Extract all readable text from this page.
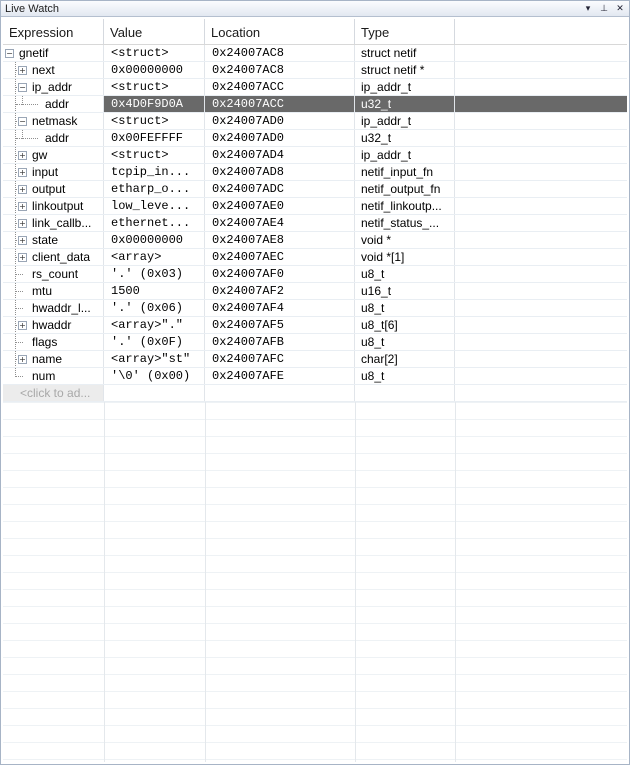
Live Watch	▾	⊥ ✕
Expression	Value	Location	Type
− gnetif	<struct>	0x24007AC8	struct netif
+ next	0x00000000	0x24007AC8	struct netif *
− ip_addr	<struct>	0x24007ACC	ip_addr_t
addr	0x4D0F9D0A	0x24007ACC	u32_t
− netmask	<struct>	0x24007AD0	ip_addr_t
addr	0x00FEFFFF	0x24007AD0	u32_t
+ gw	<struct>	0x24007AD4	ip_addr_t
+ input	tcpip_in...	0x24007AD8	netif_input_fn
+ output	etharp_o...	0x24007ADC	netif_output_fn
+ linkoutput	low_leve...	0x24007AE0	netif_linkoutp...
+ link_callb...	ethernet...	0x24007AE4	netif_status_...
+ state	0x00000000	0x24007AE8	void *
+ client_data	<array>	0x24007AEC	void *[1]
rs_count	'.' (0x03)	0x24007AF0	u8_t
mtu	1500	0x24007AF2	u16_t
hwaddr_l...	'.' (0x06)	0x24007AF4	u8_t
+ hwaddr	<array>"."	0x24007AF5	u8_t[6]
flags	'.' (0x0F)	0x24007AFB	u8_t
+ name	<array>"st"	0x24007AFC	char[2]
num	'\0' (0x00)	0x24007AFE	u8_t
<click to ad...
